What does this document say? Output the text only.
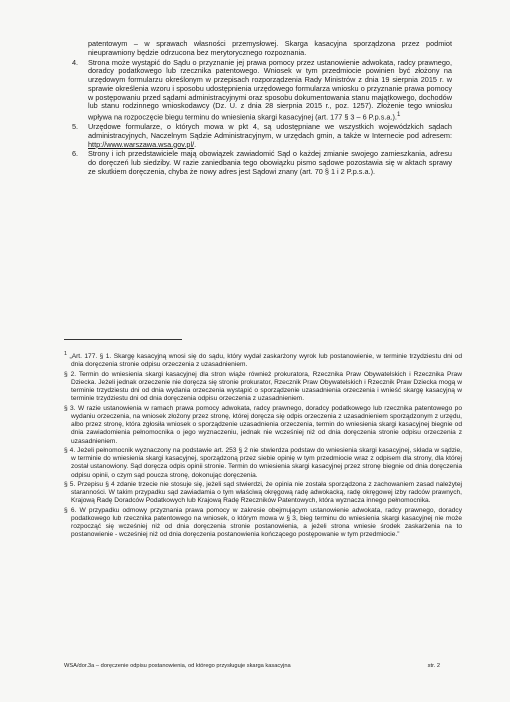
patentowym – w sprawach własności przemysłowej. Skarga kasacyjna sporządzona przez podmiot nieuprawniony będzie odrzucona bez merytorycznego rozpoznania.
4.	Strona może wystąpić do Sądu o przyznanie jej prawa pomocy przez ustanowienie adwokata, radcy prawnego, doradcy podatkowego lub rzecznika patentowego. Wniosek w tym przedmiocie powinien być złożony na urzędowym formularzu określonym w przepisach rozporządzenia Rady Ministrów z dnia 19 sierpnia 2015 r. w sprawie określenia wzoru i sposobu udostępnienia urzędowego formularza wniosku o przyznanie prawa pomocy w postępowaniu przed sądami administracyjnymi oraz sposobu dokumentowania stanu majątkowego, dochodów lub stanu rodzinnego wnioskodawcy (Dz. U. z dnia 28 sierpnia 2015 r., poz. 1257). Złożenie tego wniosku wpływa na rozpoczęcie biegu terminu do wniesienia skargi kasacyjnej (art. 177 § 3 – 6 P.p.s.a.).$^1$
5.	Urzędowe formularze, o których mowa w pkt 4, są udostępniane we wszystkich wojewódzkich sądach administracyjnych, Naczelnym Sądzie Administracyjnym, w urzędach gmin, a także w Internecie pod adresem: http://www.warszawa.wsa.gov.pl/.
6.	Strony i ich przedstawiciele mają obowiązek zawiadomić Sąd o każdej zmianie swojego zamieszkania, adresu do doręczeń lub siedziby. W razie zaniedbania tego obowiązku pismo sądowe pozostawia się w aktach sprawy ze skutkiem doręczenia, chyba że nowy adres jest Sądowi znany (art. 70 § 1 i 2 P.p.s.a.).

$^1$ „Art. 177. § 1. Skargę kasacyjną wnosi się do sądu, który wydał zaskarżony wyrok lub postanowienie, w terminie trzydziestu dni od dnia doręczenia stronie odpisu orzeczenia z uzasadnieniem.

§ 2. Termin do wniesienia skargi kasacyjnej dla stron wiąże również prokuratora, Rzecznika Praw Obywatelskich i Rzecznika Praw Dziecka. Jeżeli jednak orzeczenie nie doręcza się stronie prokurator, Rzecznik Praw Obywatelskich i Rzecznik Praw Dziecka mogą w terminie trzydziestu dni od dnia wydania orzeczenia wystąpić o sporządzenie uzasadnienia orzeczenia i wnieść skargę kasacyjną w terminie trzydziestu dni od dnia doręczenia odpisu orzeczenia z uzasadnieniem.

§ 3. W razie ustanowienia w ramach prawa pomocy adwokata, radcy prawnego, doradcy podatkowego lub rzecznika patentowego po wydaniu orzeczenia, na wniosek złożony przez stronę, której doręcza się odpis orzeczenia z uzasadnieniem sporządzonym z urzędu, albo przez stronę, która zgłosiła wniosek o sporządzenie uzasadnienia orzeczenia, termin do wniesienia skargi kasacyjnej biegnie od dnia zawiadomienia pełnomocnika o jego wyznaczeniu, jednak nie wcześniej niż od dnia doręczenia stronie odpisu orzeczenia z uzasadnieniem.

§ 4. Jeżeli pełnomocnik wyznaczony na podstawie art. 253 § 2 nie stwierdza podstaw do wniesienia skargi kasacyjnej, składa w sądzie, w terminie do wniesienia skargi kasacyjnej, sporządzoną przez siebie opinię w tym przedmiocie wraz z odpisem dla strony, dla której został ustanowiony. Sąd doręcza odpis opinii stronie. Termin do wniesienia skargi kasacyjnej przez stronę biegnie od dnia doręczenia odpisu opinii, o czym sąd poucza stronę, dokonując doręczenia.

§ 5. Przepisu § 4 zdanie trzecie nie stosuje się, jeżeli sąd stwierdzi, że opinia nie została sporządzona z zachowaniem zasad należytej staranności. W takim przypadku sąd zawiadamia o tym właściwą okręgową radę adwokacką, radę okręgowej izby radców prawnych, Krajową Radę Doradców Podatkowych lub Krajową Radę Rzeczników Patentowych, która wyznacza innego pełnomocnika.

§ 6. W przypadku odmowy przyznania prawa pomocy w zakresie obejmującym ustanowienie adwokata, radcy prawnego, doradcy podatkowego lub rzecznika patentowego na wniosek, o którym mowa w § 3, bieg terminu do wniesienia skargi kasacyjnej nie może rozpocząć się wcześniej niż od dnia doręczenia stronie postanowienia, a jeżeli strona wniesie środek zaskarżenia na to postanowienie - wcześniej niż od dnia doręczenia postanowienia kończącego postępowanie w tym przedmiocie.”

WSA/dor.3a – doręczenie odpisu postanowienia, od którego przysługuje skarga kasacyjna	str. 2
